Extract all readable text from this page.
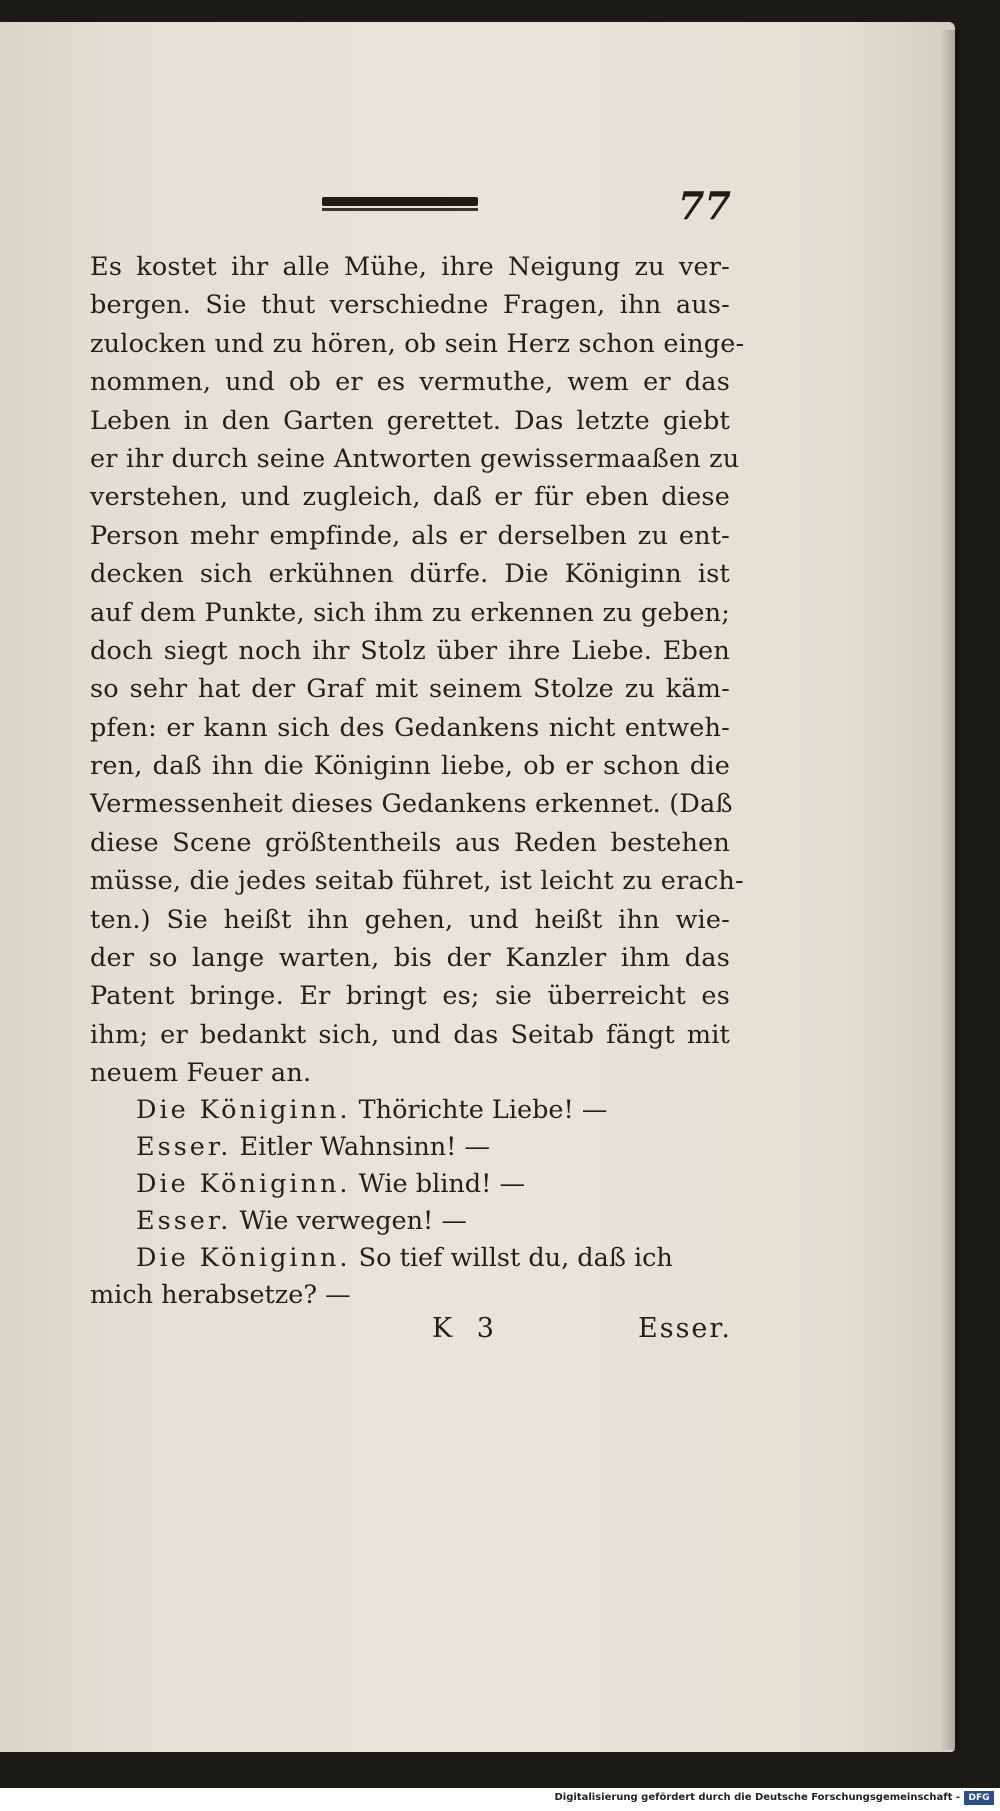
77
Es kostet ihr alle Mühe, ihre Neigung zu ver-
bergen. Sie thut verschiedne Fragen, ihn aus-
zulocken und zu hören, ob sein Herz schon einge-
nommen, und ob er es vermuthe, wem er das
Leben in den Garten gerettet. Das letzte giebt
er ihr durch seine Antworten gewissermaaßen zu
verstehen, und zugleich, daß er für eben diese
Person mehr empfinde, als er derselben zu ent-
decken sich erkühnen dürfe. Die Königinn ist
auf dem Punkte, sich ihm zu erkennen zu geben;
doch siegt noch ihr Stolz über ihre Liebe. Eben
so sehr hat der Graf mit seinem Stolze zu käm-
pfen: er kann sich des Gedankens nicht entweh-
ren, daß ihn die Königinn liebe, ob er schon die
Vermessenheit dieses Gedankens erkennet. (Daß
diese Scene größtentheils aus Reden bestehen
müsse, die jedes seitab führet, ist leicht zu erach-
ten.) Sie heißt ihn gehen, und heißt ihn wie-
der so lange warten, bis der Kanzler ihm das
Patent bringe. Er bringt es; sie überreicht es
ihm; er bedankt sich, und das Seitab fängt mit
neuem Feuer an.
Die Königinn. Thörichte Liebe! —
Esser. Eitler Wahnsinn! —
Die Königinn. Wie blind! —
Esser. Wie verwegen! —
Die Königinn. So tief willst du, daß ich
mich herabsetze? —
K 3	Esser.
Digitalisierung gefördert durch die Deutsche Forschungsgemeinschaft - DFG
